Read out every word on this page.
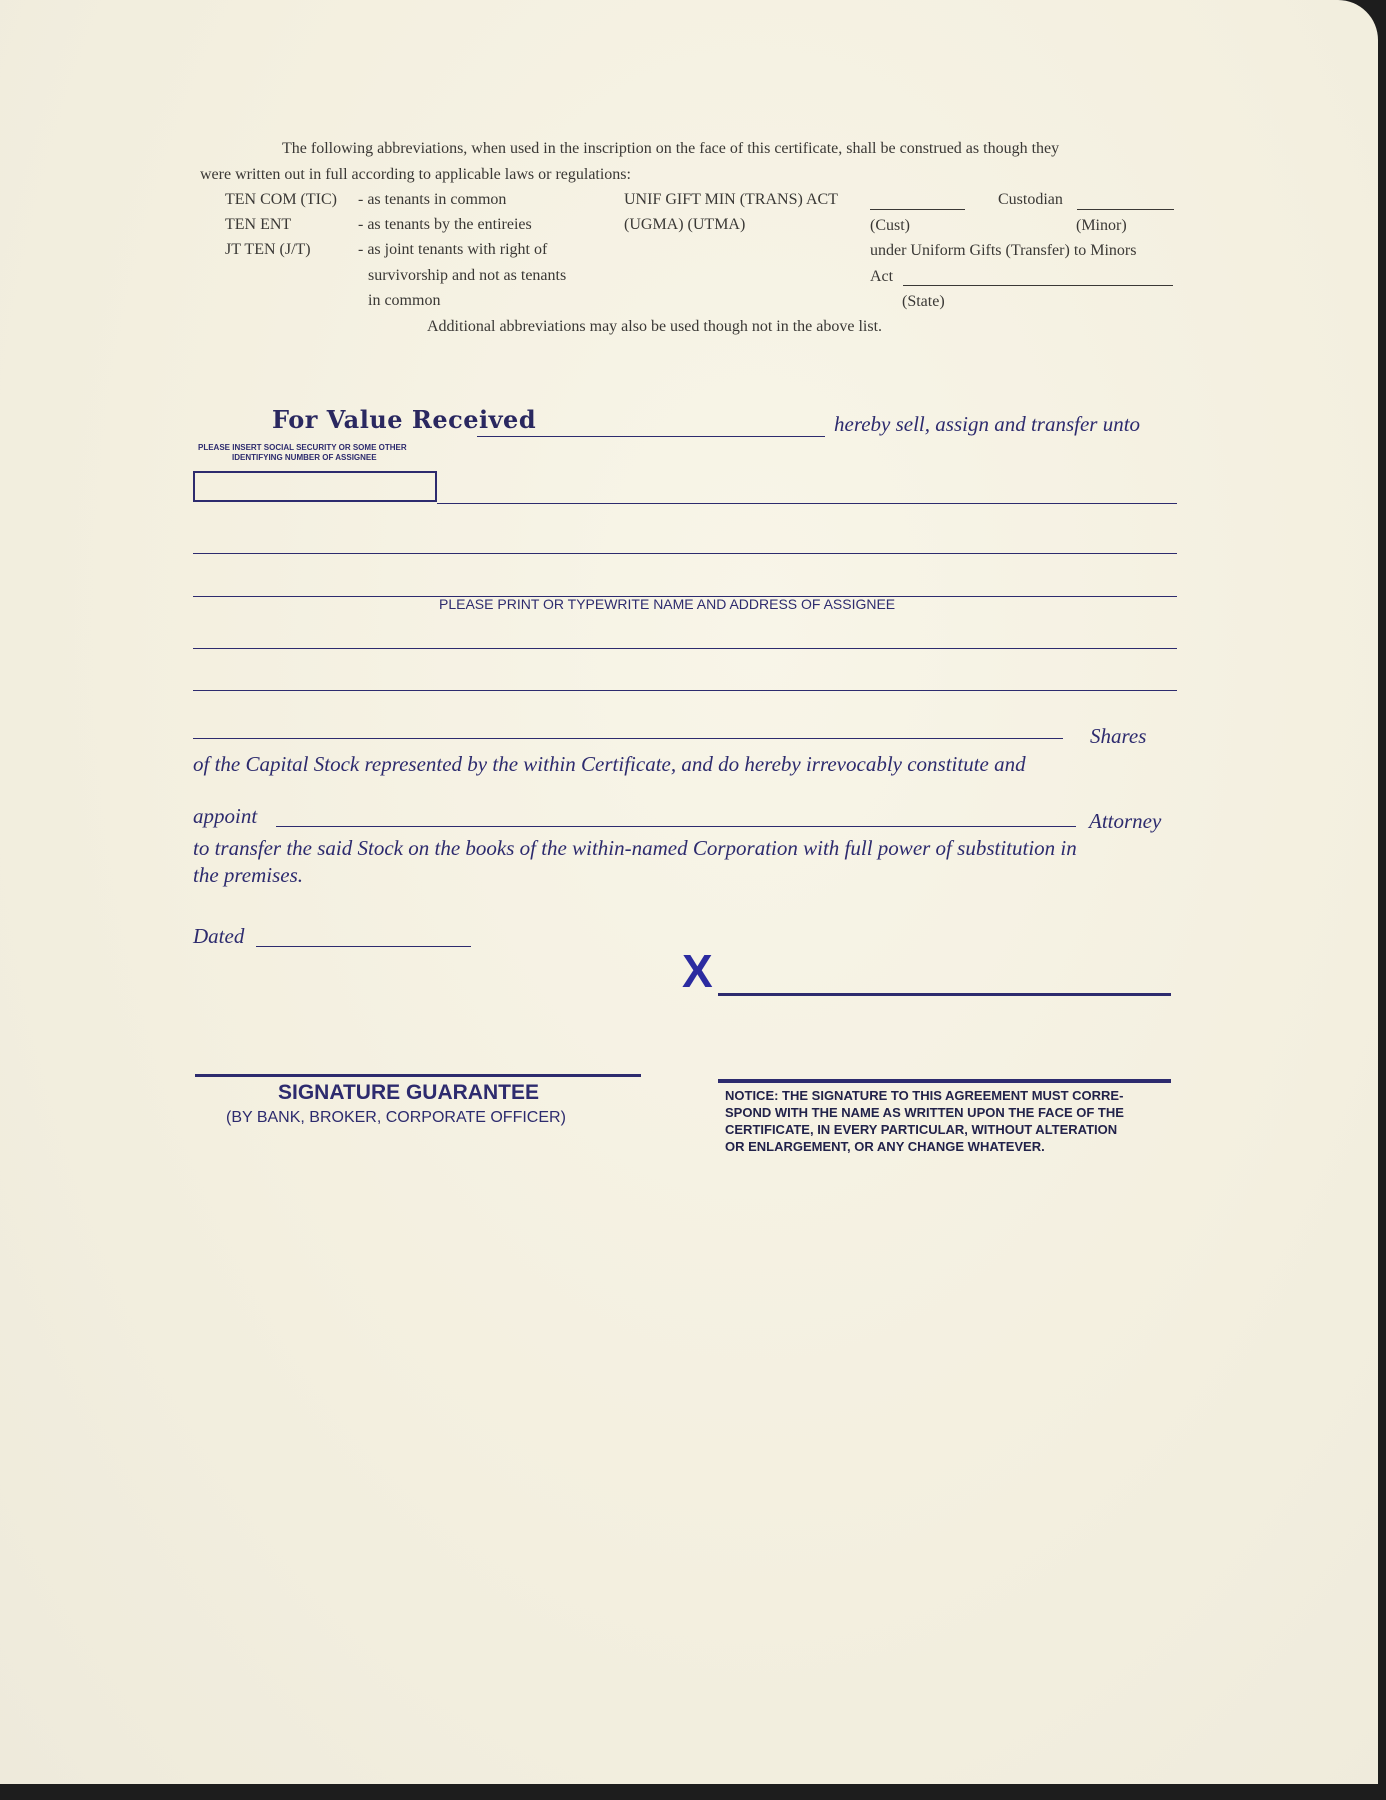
The following abbreviations, when used in the inscription on the face of this certificate, shall be construed as though they
were written out in full according to applicable laws or regulations:
TEN COM (TIC) - as tenants in common
TEN ENT	- as tenants by the entireies
JT TEN (J/T)	- as joint tenants with right of
survivorship and not as tenants
in common
UNIF GIFT MIN (TRANS) ACT	Custodian
(UGMA) (UTMA)	(Cust)	(Minor)
under Uniform Gifts (Transfer) to Minors
Act
(State)
Additional abbreviations may also be used though not in the above list.
For Value Received	hereby sell, assign and transfer unto
PLEASE INSERT SOCIAL SECURITY OR SOME OTHER
IDENTIFYING NUMBER OF ASSIGNEE
PLEASE PRINT OR TYPEWRITE NAME AND ADDRESS OF ASSIGNEE
Shares
of the Capital Stock represented by the within Certificate, and do hereby irrevocably constitute and
appoint	Attorney
to transfer the said Stock on the books of the within-named Corporation with full power of substitution in
the premises.
Dated
X
SIGNATURE GUARANTEE
(BY BANK, BROKER, CORPORATE OFFICER)
NOTICE: THE SIGNATURE TO THIS AGREEMENT MUST CORRE-
SPOND WITH THE NAME AS WRITTEN UPON THE FACE OF THE
CERTIFICATE, IN EVERY PARTICULAR, WITHOUT ALTERATION
OR ENLARGEMENT, OR ANY CHANGE WHATEVER.
